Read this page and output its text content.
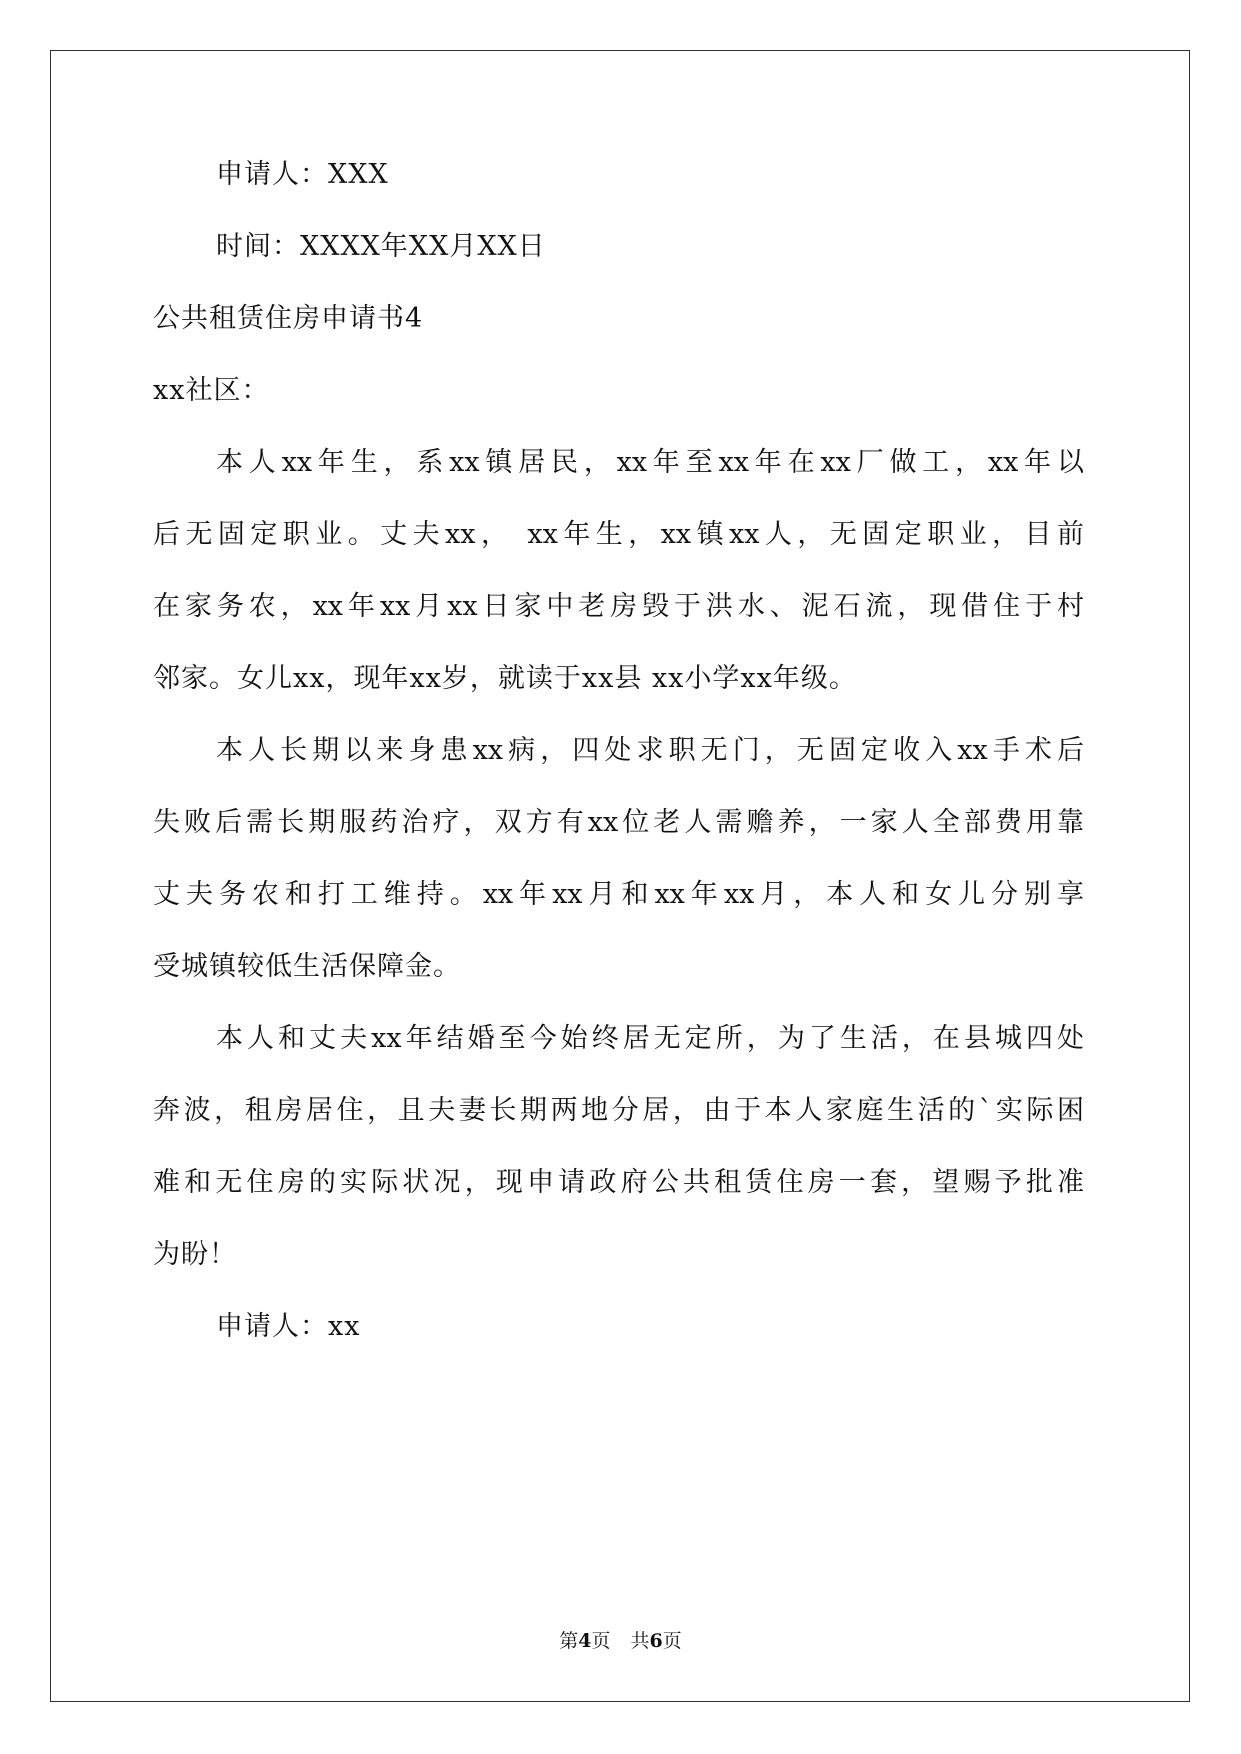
申请人：XXX
时间：XXXX年XX月XX日
公共租赁住房申请书4
xx社区：
本人xx年生，系xx镇居民，xx年至xx年在xx厂做工，xx年以
后无固定职业。丈夫xx， xx年生，xx镇xx人，无固定职业，目前
在家务农，xx年xx月xx日家中老房毁于洪水、泥石流，现借住于村
邻家。女儿xx，现年xx岁，就读于xx县 xx小学xx年级。
本人长期以来身患xx病，四处求职无门，无固定收入xx手术后
失败后需长期服药治疗，双方有xx位老人需赡养，一家人全部费用靠
丈夫务农和打工维持。xx年xx月和xx年xx月，本人和女儿分别享
受城镇较低生活保障金。
本人和丈夫xx年结婚至今始终居无定所，为了生活，在县城四处
奔波，租房居住，且夫妻长期两地分居，由于本人家庭生活的`实际困
难和无住房的实际状况，现申请政府公共租赁住房一套，望赐予批准
为盼！
申请人：xx
第4页 共6页
